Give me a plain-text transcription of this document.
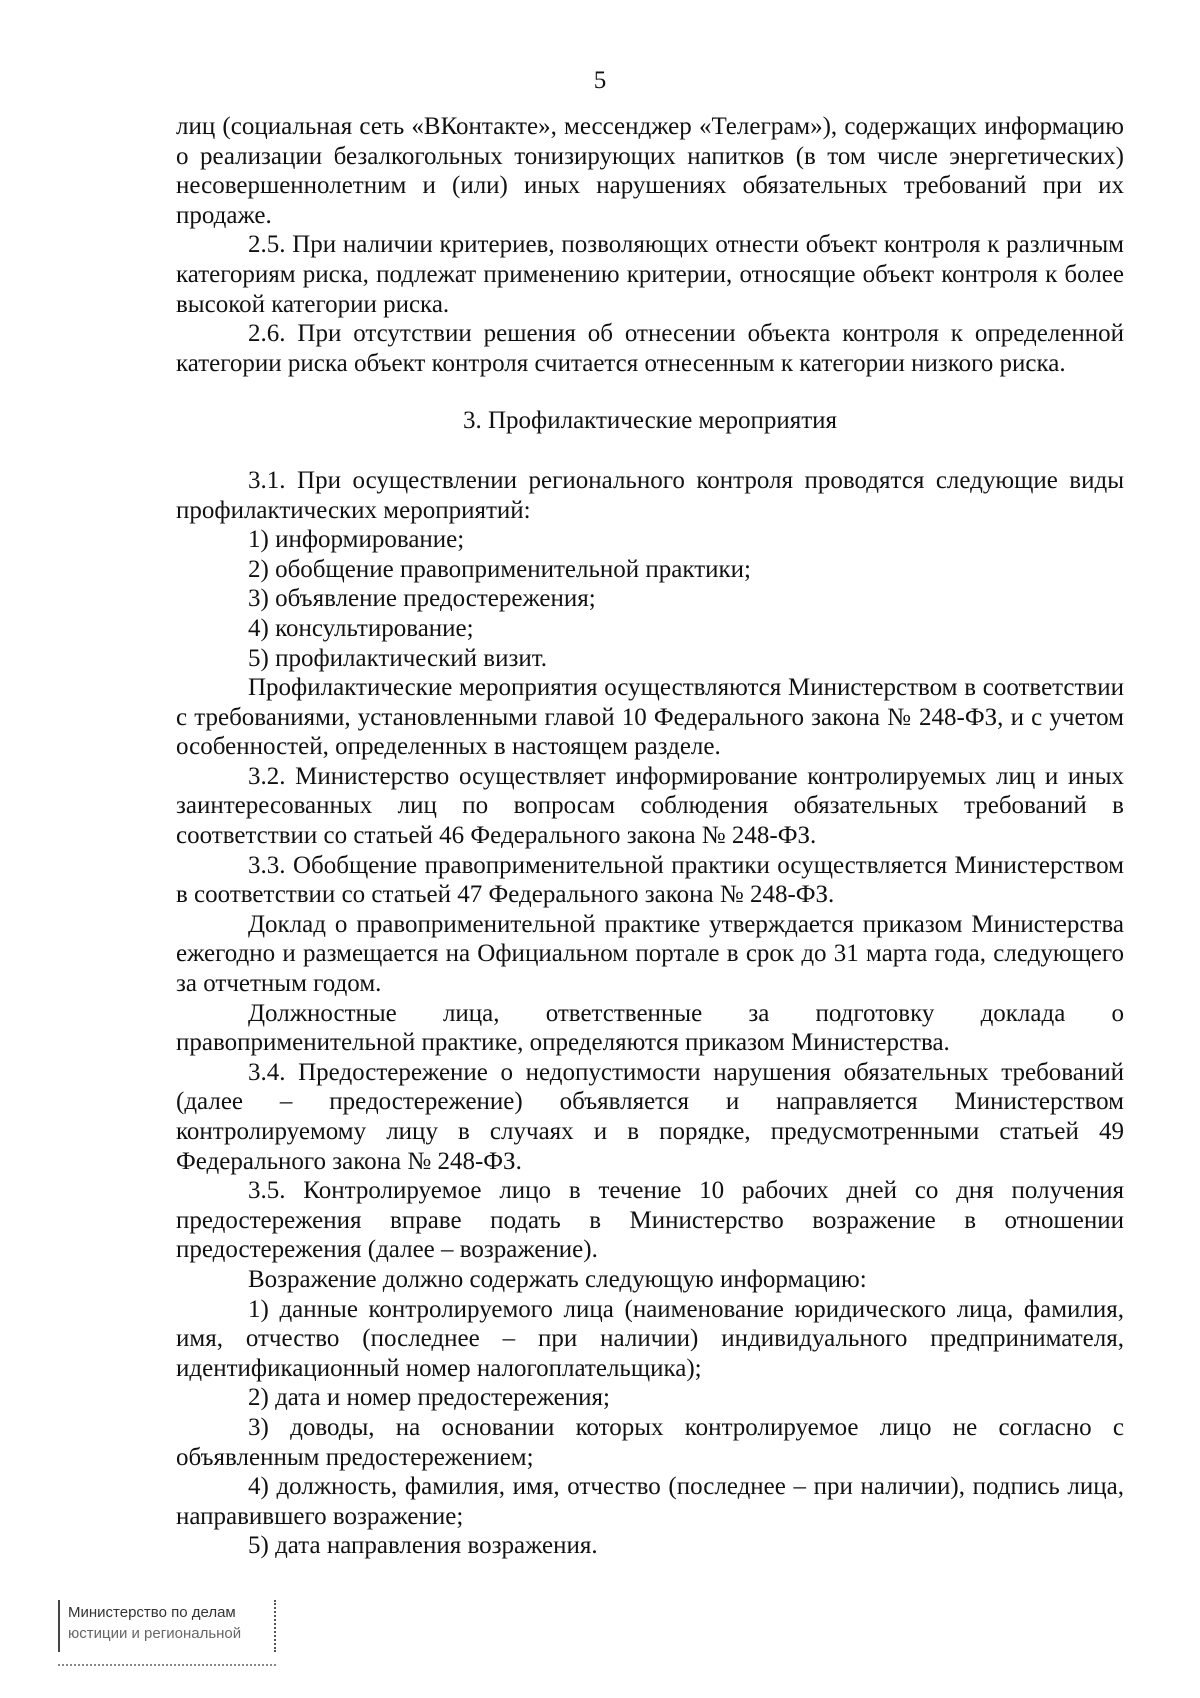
5

лиц (социальная сеть «ВКонтакте», мессенджер «Телеграм»), содержащих информацию о реализации безалкогольных тонизирующих напитков (в том числе энергетических) несовершеннолетним и (или) иных нарушениях обязательных требований при их продаже.

2.5. При наличии критериев, позволяющих отнести объект контроля к различным категориям риска, подлежат применению критерии, относящие объект контроля к более высокой категории риска.

2.6. При отсутствии решения об отнесении объекта контроля к определенной категории риска объект контроля считается отнесенным к категории низкого риска.

3. Профилактические мероприятия

3.1. При осуществлении регионального контроля проводятся следующие виды профилактических мероприятий:

1) информирование;

2) обобщение правоприменительной практики;

3) объявление предостережения;

4) консультирование;

5) профилактический визит.

Профилактические мероприятия осуществляются Министерством в соответствии с требованиями, установленными главой 10 Федерального закона № 248-ФЗ, и с учетом особенностей, определенных в настоящем разделе.

3.2. Министерство осуществляет информирование контролируемых лиц и иных заинтересованных лиц по вопросам соблюдения обязательных требований в соответствии со статьей 46 Федерального закона № 248-ФЗ.

3.3. Обобщение правоприменительной практики осуществляется Министерством в соответствии со статьей 47 Федерального закона № 248-ФЗ.

Доклад о правоприменительной практике утверждается приказом Министерства ежегодно и размещается на Официальном портале в срок до 31 марта года, следующего за отчетным годом.

Должностные лица, ответственные за подготовку доклада о правоприменительной практике, определяются приказом Министерства.

3.4. Предостережение о недопустимости нарушения обязательных требований (далее – предостережение) объявляется и направляется Министерством контролируемому лицу в случаях и в порядке, предусмотренными статьей 49 Федерального закона № 248-ФЗ.

3.5. Контролируемое лицо в течение 10 рабочих дней со дня получения предостережения вправе подать в Министерство возражение в отношении предостережения (далее – возражение).

Возражение должно содержать следующую информацию:

1) данные контролируемого лица (наименование юридического лица, фамилия, имя, отчество (последнее – при наличии) индивидуального предпринимателя, идентификационный номер налогоплательщика);

2) дата и номер предостережения;

3) доводы, на основании которых контролируемое лицо не согласно с объявленным предостережением;

4) должность, фамилия, имя, отчество (последнее – при наличии), подпись лица, направившего возражение;

5) дата направления возражения.

Министерство по делам
юстиции и региональной
